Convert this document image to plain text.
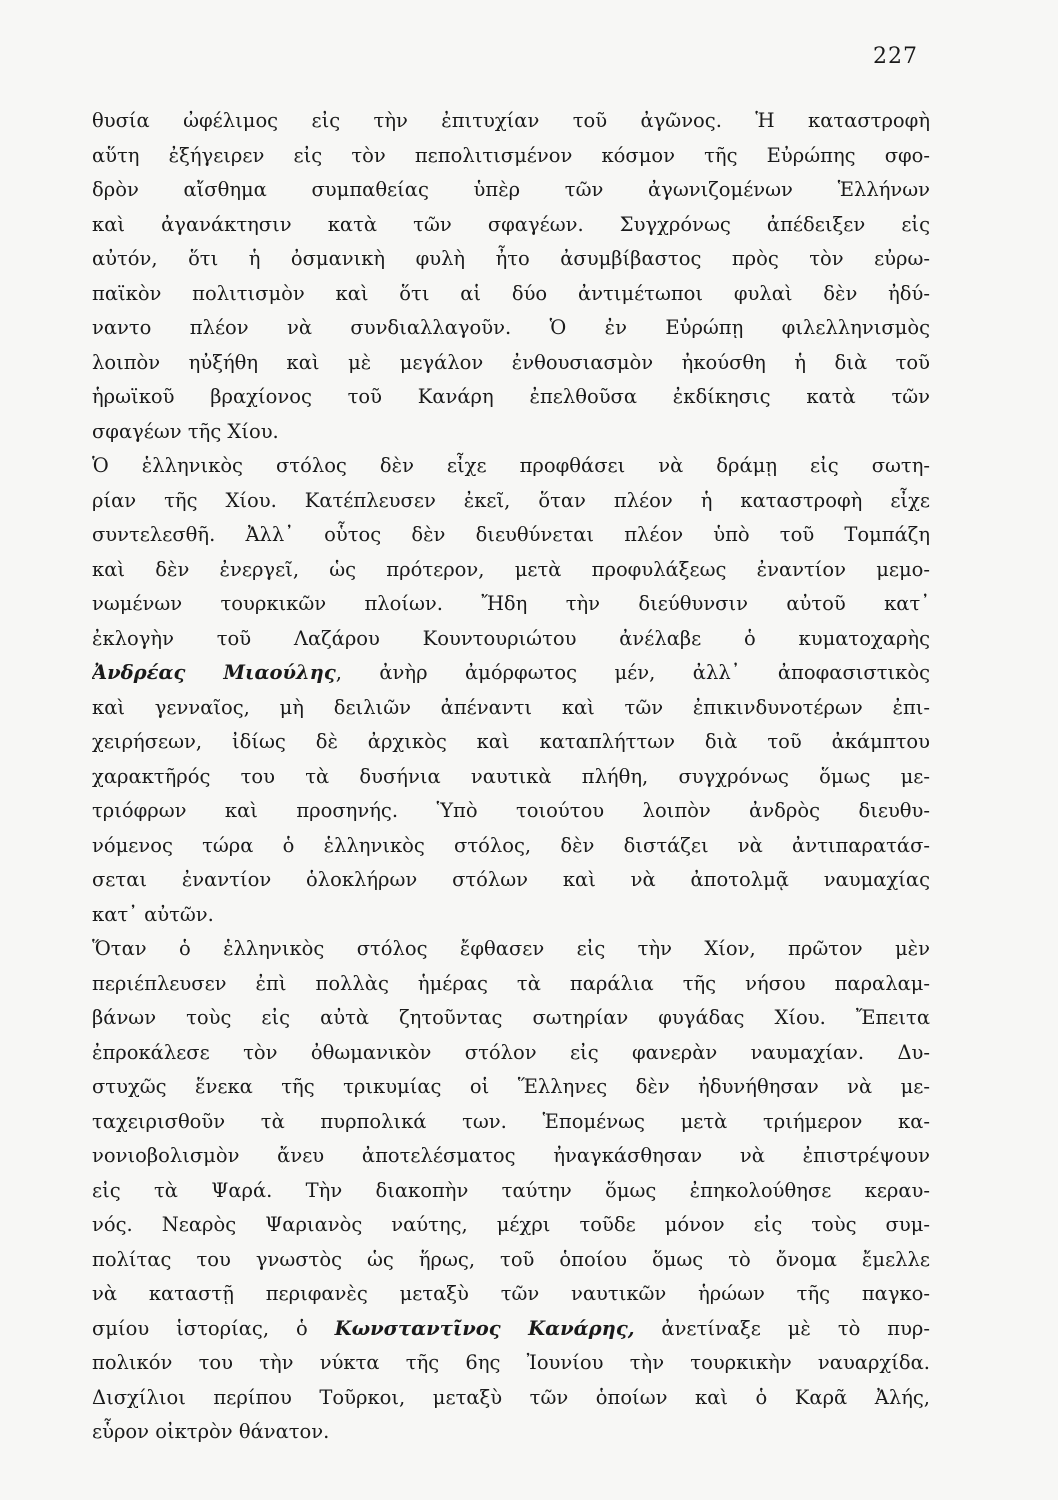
227
θυσία ὠφέλιμος εἰς τὴν ἐπιτυχίαν τοῦ ἀγῶνος. Ἡ καταστροφὴ
αὕτη ἐξήγειρεν εἰς τὸν πεπολιτισμένον κόσμον τῆς Εὐρώπης σφο-
δρὸν αἴσθημα συμπαθείας ὑπὲρ τῶν ἀγωνιζομένων Ἑλλήνων
καὶ ἀγανάκτησιν κατὰ τῶν σφαγέων. Συγχρόνως ἀπέδειξεν εἰς
αὐτόν, ὅτι ἡ ὀσμανικὴ φυλὴ ἦτο ἀσυμβίβαστος πρὸς τὸν εὐρω-
παϊκὸν πολιτισμὸν καὶ ὅτι αἱ δύο ἀντιμέτωποι φυλαὶ δὲν ἠδύ-
ναντο πλέον νὰ συνδιαλλαγοῦν. Ὁ ἐν Εὐρώπῃ φιλελληνισμὸς
λοιπὸν ηὐξήθη καὶ μὲ μεγάλον ἐνθουσιασμὸν ἠκούσθη ἡ διὰ τοῦ
ἡρωϊκοῦ βραχίονος τοῦ Κανάρη ἐπελθοῦσα ἐκδίκησις κατὰ τῶν
σφαγέων τῆς Χίου.
Ὁ ἑλληνικὸς στόλος δὲν εἶχε προφθάσει νὰ δράμῃ εἰς σωτη-
ρίαν τῆς Χίου. Κατέπλευσεν ἐκεῖ, ὅταν πλέον ἡ καταστροφὴ εἶχε
συντελεσθῆ. Ἀλλ᾽ οὗτος δὲν διευθύνεται πλέον ὑπὸ τοῦ Τομπάζη
καὶ δὲν ἐνεργεῖ, ὡς πρότερον, μετὰ προφυλάξεως ἐναντίον μεμο-
νωμένων τουρκικῶν πλοίων. Ἤδη τὴν διεύθυνσιν αὐτοῦ κατ᾽
ἐκλογὴν τοῦ Λαζάρου Κουντουριώτου ἀνέλαβε ὁ κυματοχαρὴς
Ἀνδρέας Μιαούλης, ἀνὴρ ἀμόρφωτος μέν, ἀλλ᾽ ἀποφασιστικὸς
καὶ γενναῖος, μὴ δειλιῶν ἀπέναντι καὶ τῶν ἐπικινδυνοτέρων ἐπι-
χειρήσεων, ἰδίως δὲ ἀρχικὸς καὶ καταπλήττων διὰ τοῦ ἀκάμπτου
χαρακτῆρός του τὰ δυσήνια ναυτικὰ πλήθη, συγχρόνως ὅμως με-
τριόφρων καὶ προσηνής. Ὑπὸ τοιούτου λοιπὸν ἀνδρὸς διευθυ-
νόμενος τώρα ὁ ἑλληνικὸς στόλος, δὲν διστάζει νὰ ἀντιπαρατάσ-
σεται ἐναντίον ὁλοκλήρων στόλων καὶ νὰ ἀποτολμᾷ ναυμαχίας
κατ᾽ αὐτῶν.
Ὅταν ὁ ἑλληνικὸς στόλος ἔφθασεν εἰς τὴν Χίον, πρῶτον μὲν
περιέπλευσεν ἐπὶ πολλὰς ἡμέρας τὰ παράλια τῆς νήσου παραλαμ-
βάνων τοὺς εἰς αὐτὰ ζητοῦντας σωτηρίαν φυγάδας Χίου. Ἔπειτα
ἐπροκάλεσε τὸν ὀθωμανικὸν στόλον εἰς φανερὰν ναυμαχίαν. Δυ-
στυχῶς ἕνεκα τῆς τρικυμίας οἱ Ἕλληνες δὲν ἠδυνήθησαν νὰ με-
ταχειρισθοῦν τὰ πυρπολικά των. Ἑπομένως μετὰ τριήμερον κα-
νονιοβολισμὸν ἄνευ ἀποτελέσματος ἠναγκάσθησαν νὰ ἐπιστρέψουν
εἰς τὰ Ψαρά. Τὴν διακοπὴν ταύτην ὅμως ἐπηκολούθησε κεραυ-
νός. Νεαρὸς Ψαριανὸς ναύτης, μέχρι τοῦδε μόνον εἰς τοὺς συμ-
πολίτας του γνωστὸς ὡς ἥρως, τοῦ ὁποίου ὅμως τὸ ὄνομα ἔμελλε
νὰ καταστῇ περιφανὲς μεταξὺ τῶν ναυτικῶν ἡρώων τῆς παγκο-
σμίου ἱστορίας, ὁ Κωνσταντῖνος Κανάρης, ἀνετίναξε μὲ τὸ πυρ-
πολικόν του τὴν νύκτα τῆς 6ης Ἰουνίου τὴν τουρκικὴν ναυαρχίδα.
Δισχίλιοι περίπου Τοῦρκοι, μεταξὺ τῶν ὁποίων καὶ ὁ Καρᾶ Ἀλής,
εὗρον οἰκτρὸν θάνατον.
